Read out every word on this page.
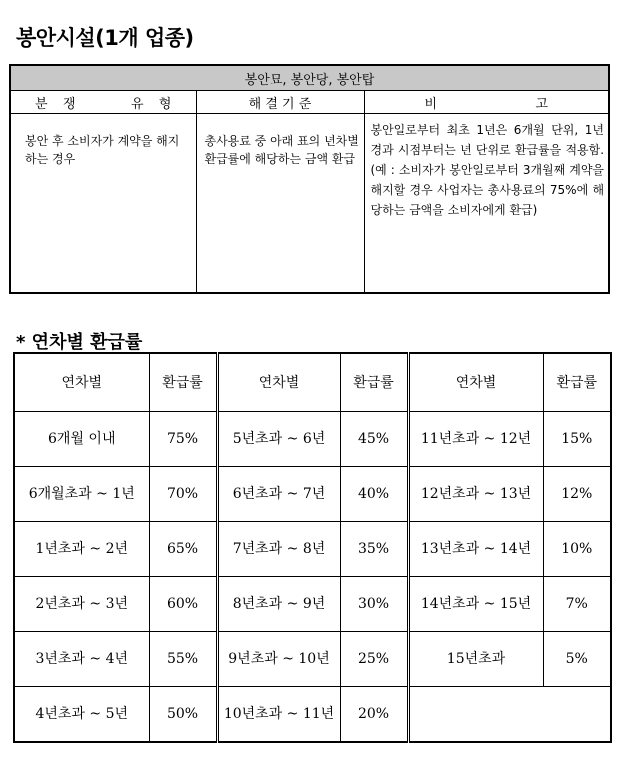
봉안시설(1개 업종)
봉안묘, 봉안당, 봉안탑		

분 쟁 유 형	해 결 기 준	비 고

봉안 후 소비자가 계약을 해지하는 경우	총사용료 중 아래 표의 년차별 환급률에 해당하는 금액 환급	봉안일로부터 최초 1년은 6개월 단위, 1년 경과 시점부터는 년 단위로 환급률을 적용함.(예 : 소비자가 봉안일로부터 3개월째 계약을 해지할 경우 사업자는 총사용료의 75%에 해당하는 금액을 소비자에게 환급)
* 연차별 환급률
연차별	환급률	연차별	환급률	연차별	환급률
6개월 이내	75%	5년초과 ~ 6년	45%	11년초과 ~ 12년	15%
6개월초과 ~ 1년	70%	6년초과 ~ 7년	40%	12년초과 ~ 13년	12%
1년초과 ~ 2년	65%	7년초과 ~ 8년	35%	13년초과 ~ 14년	10%
2년초과 ~ 3년	60%	8년초과 ~ 9년	30%	14년초과 ~ 15년	7%
3년초과 ~ 4년	55%	9년초과 ~ 10년	25%	15년초과	5%
4년초과 ~ 5년	50%	10년초과 ~ 11년	20%		
